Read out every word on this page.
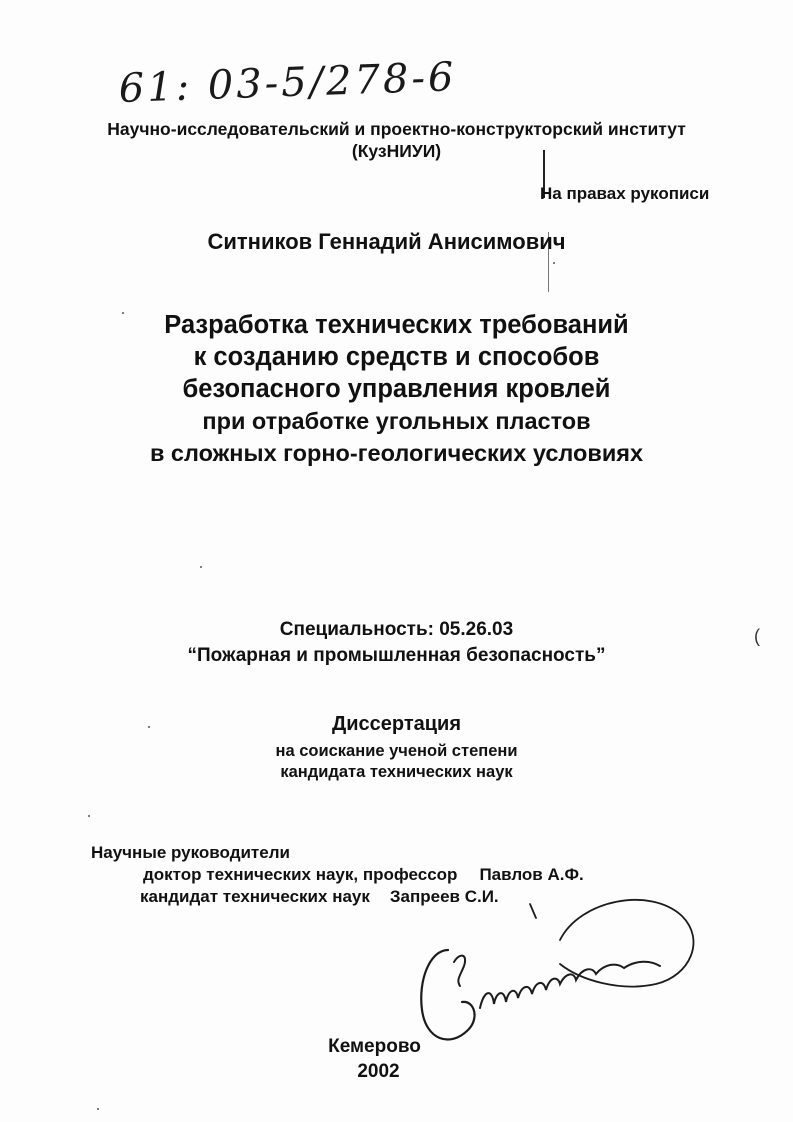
61: 03-5/278-6
Научно-исследовательский и проектно-конструкторский институт
(КузНИУИ)
На правах рукописи
Ситников Геннадий Анисимович
Разработка технических требований
к созданию средств и способов
безопасного управления кровлей
при отработке угольных пластов
в сложных горно-геологических условиях
Специальность: 05.26.03
“Пожарная и промышленная безопасность”
(
Диссертация
на соискание ученой степени
кандидата технических наук
Научные руководители
доктор технических наук, профессор Павлов А.Ф.
кандидат технических наук Запреев С.И.
Кемерово
2002
